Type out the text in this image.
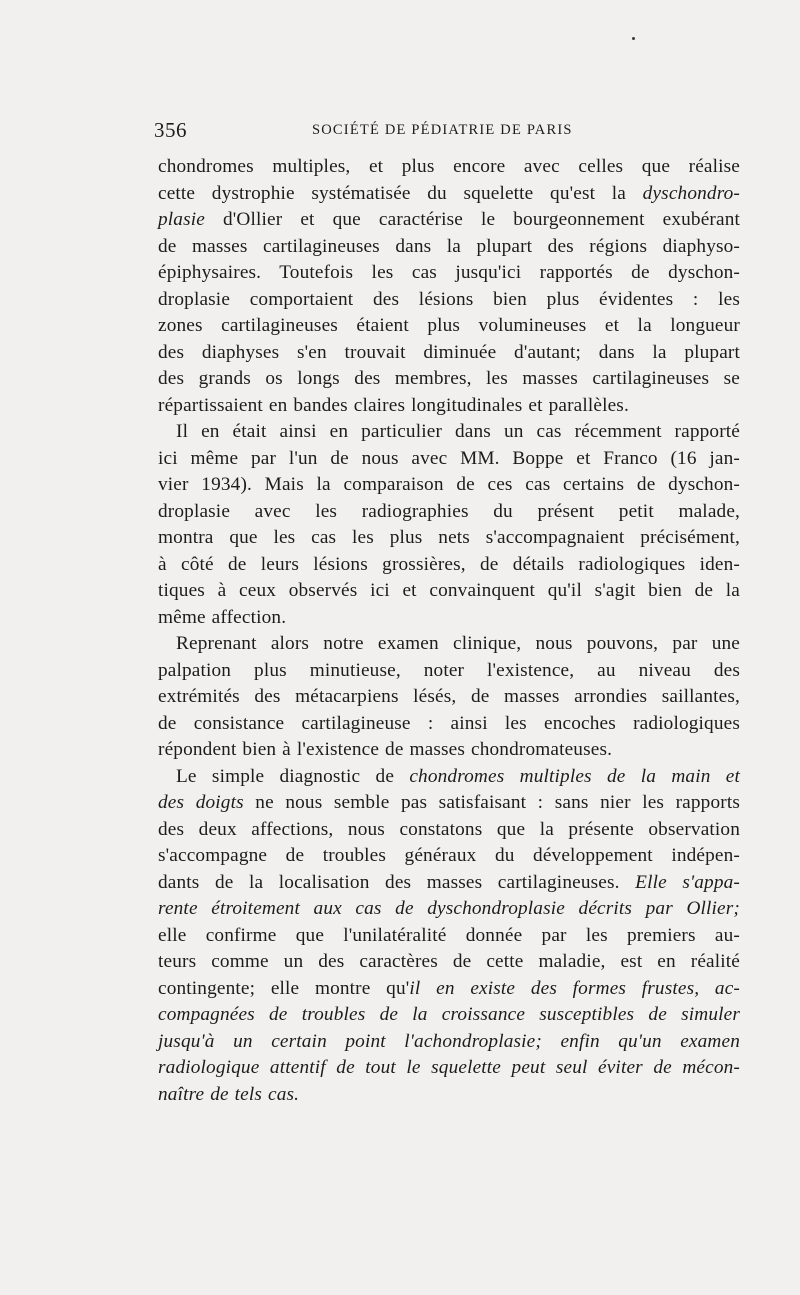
356	SOCIÉTÉ DE PÉDIATRIE DE PARIS

chondromes multiples, et plus encore avec celles que réalise
cette dystrophie systématisée du squelette qu'est la dyschondro-
plasie d'Ollier et que caractérise le bourgeonnement exubérant
de masses cartilagineuses dans la plupart des régions diaphyso-
épiphysaires. Toutefois les cas jusqu'ici rapportés de dyschon-
droplasie comportaient des lésions bien plus évidentes : les
zones cartilagineuses étaient plus volumineuses et la longueur
des diaphyses s'en trouvait diminuée d'autant; dans la plupart
des grands os longs des membres, les masses cartilagineuses se
répartissaient en bandes claires longitudinales et parallèles.

Il en était ainsi en particulier dans un cas récemment rapporté
ici même par l'un de nous avec MM. Boppe et Franco (16 jan-
vier 1934). Mais la comparaison de ces cas certains de dyschon-
droplasie avec les radiographies du présent petit malade,
montra que les cas les plus nets s'accompagnaient précisément,
à côté de leurs lésions grossières, de détails radiologiques iden-
tiques à ceux observés ici et convainquent qu'il s'agit bien de la
même affection.

Reprenant alors notre examen clinique, nous pouvons, par une
palpation plus minutieuse, noter l'existence, au niveau des
extrémités des métacarpiens lésés, de masses arrondies saillantes,
de consistance cartilagineuse : ainsi les encoches radiologiques
répondent bien à l'existence de masses chondromateuses.

Le simple diagnostic de chondromes multiples de la main et
des doigts ne nous semble pas satisfaisant : sans nier les rapports
des deux affections, nous constatons que la présente observation
s'accompagne de troubles généraux du développement indépen-
dants de la localisation des masses cartilagineuses. Elle s'appa-
rente étroitement aux cas de dyschondroplasie décrits par Ollier;
elle confirme que l'unilatéralité donnée par les premiers au-
teurs comme un des caractères de cette maladie, est en réalité
contingente; elle montre qu'il en existe des formes frustes, ac-
compagnées de troubles de la croissance susceptibles de simuler
jusqu'à un certain point l'achondroplasie; enfin qu'un examen
radiologique attentif de tout le squelette peut seul éviter de mécon-
naître de tels cas.
